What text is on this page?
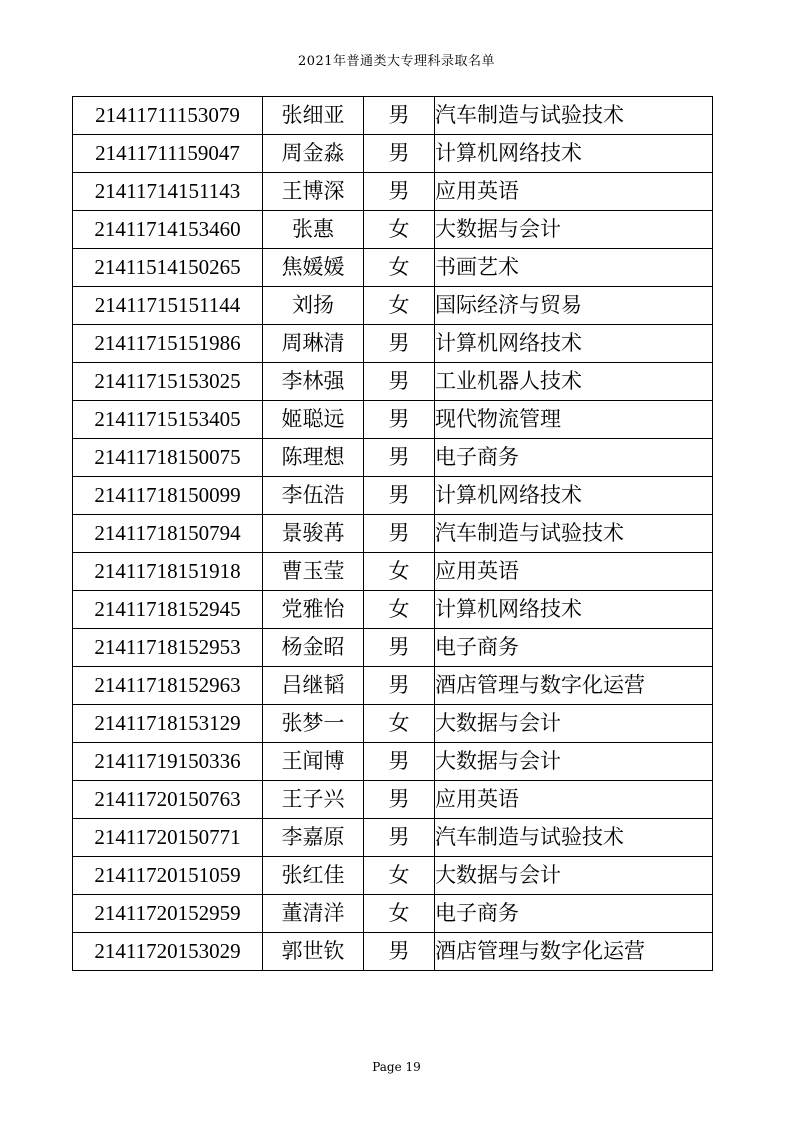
2021年普通类大专理科录取名单
21411711153079	张细亚	男	汽车制造与试验技术
21411711159047	周金淼	男	计算机网络技术
21411714151143	王博深	男	应用英语
21411714153460	张惠	女	大数据与会计
21411514150265	焦媛媛	女	书画艺术
21411715151144	刘扬	女	国际经济与贸易
21411715151986	周琳清	男	计算机网络技术
21411715153025	李林强	男	工业机器人技术
21411715153405	姬聪远	男	现代物流管理
21411718150075	陈理想	男	电子商务
21411718150099	李伍浩	男	计算机网络技术
21411718150794	景骏苒	男	汽车制造与试验技术
21411718151918	曹玉莹	女	应用英语
21411718152945	党雅怡	女	计算机网络技术
21411718152953	杨金昭	男	电子商务
21411718152963	吕继韬	男	酒店管理与数字化运营
21411718153129	张梦一	女	大数据与会计
21411719150336	王闻博	男	大数据与会计
21411720150763	王子兴	男	应用英语
21411720150771	李嘉原	男	汽车制造与试验技术
21411720151059	张红佳	女	大数据与会计
21411720152959	董清洋	女	电子商务
21411720153029	郭世钦	男	酒店管理与数字化运营
Page 19
